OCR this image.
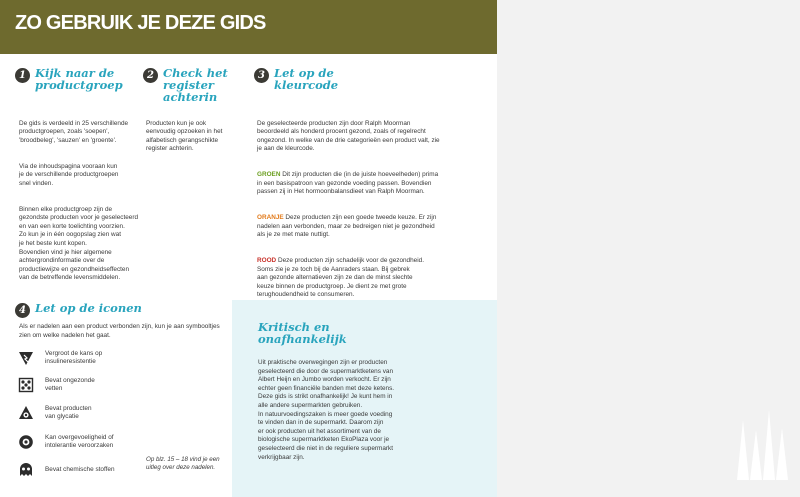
ZO GEBRUIK JE DEZE GIDS
1 Kijk naar de
productgroep

De gids is verdeeld in 25 verschillende
productgroepen, zoals 'soepen',
'broodbeleg', 'sauzen' en 'groente'.

Via de inhoudspagina vooraan kun
je de verschillende productgroepen
snel vinden.

Binnen elke productgroep zijn de
gezondste producten voor je geselecteerd
en van een korte toelichting voorzien.
Zo kun je in één oogopslag zien wat
je het beste kunt kopen.
Bovendien vind je hier algemene
achtergrondinformatie over de
productiewijze en gezondheidseffecten
van de betreffende levensmiddelen.

2 Check het
register
achterin

Producten kun je ook
eenvoudig opzoeken in het
alfabetisch gerangschikte
register achterin.

3 Let op de
kleurcode

De geselecteerde producten zijn door Ralph Moorman
beoordeeld als honderd procent gezond, zoals of regelrecht
ongezond. In welke van de drie categorieën een product valt, zie
je aan de kleurcode.

GROEN Dit zijn producten die (in de juiste hoeveelheden) prima
in een basispatroon van gezonde voeding passen. Bovendien
passen zij in Het hormoonbalansdieet van Ralph Moorman.

ORANJE Deze producten zijn een goede tweede keuze. Er zijn
nadelen aan verbonden, maar ze bedreigen niet je gezondheid
als je ze met mate nuttigt.

ROOD Deze producten zijn schadelijk voor de gezondheid.
Soms zie je ze toch bij de Aanraders staan. Bij gebrek
aan gezonde alternatieven zijn ze dan de minst slechte
keuze binnen de productgroep. Je dient ze met grote
terughoudendheid te consumeren.

4 Let op de iconen
Als er nadelen aan een product verbonden zijn, kun je aan symbooltjes
zien om welke nadelen het gaat.
Vergroot de kans op
insulineresistentie
Bevat ongezonde
vetten
Bevat producten
van glycatie
Kan overgevoeligheid of
intolerantie veroorzaken
Bevat chemische stoffen
Op blz. 15 – 18 vind je een
uitleg over deze nadelen.
Kritisch en
onafhankelijk
Uit praktische overwegingen zijn er producten
geselecteerd die door de supermarktketens van
Albert Heijn en Jumbo worden verkocht. Er zijn
echter geen financiële banden met deze ketens.
Deze gids is strikt onafhankelijk! Je kunt hem in
alle andere supermarkten gebruiken.
In natuurvoedingszaken is meer goede voeding
te vinden dan in de supermarkt. Daarom zijn
er ook producten uit het assortiment van de
biologische supermarktketen EkoPlaza voor je
geselecteerd die niet in de reguliere supermarkt
verkrijgbaar zijn.
